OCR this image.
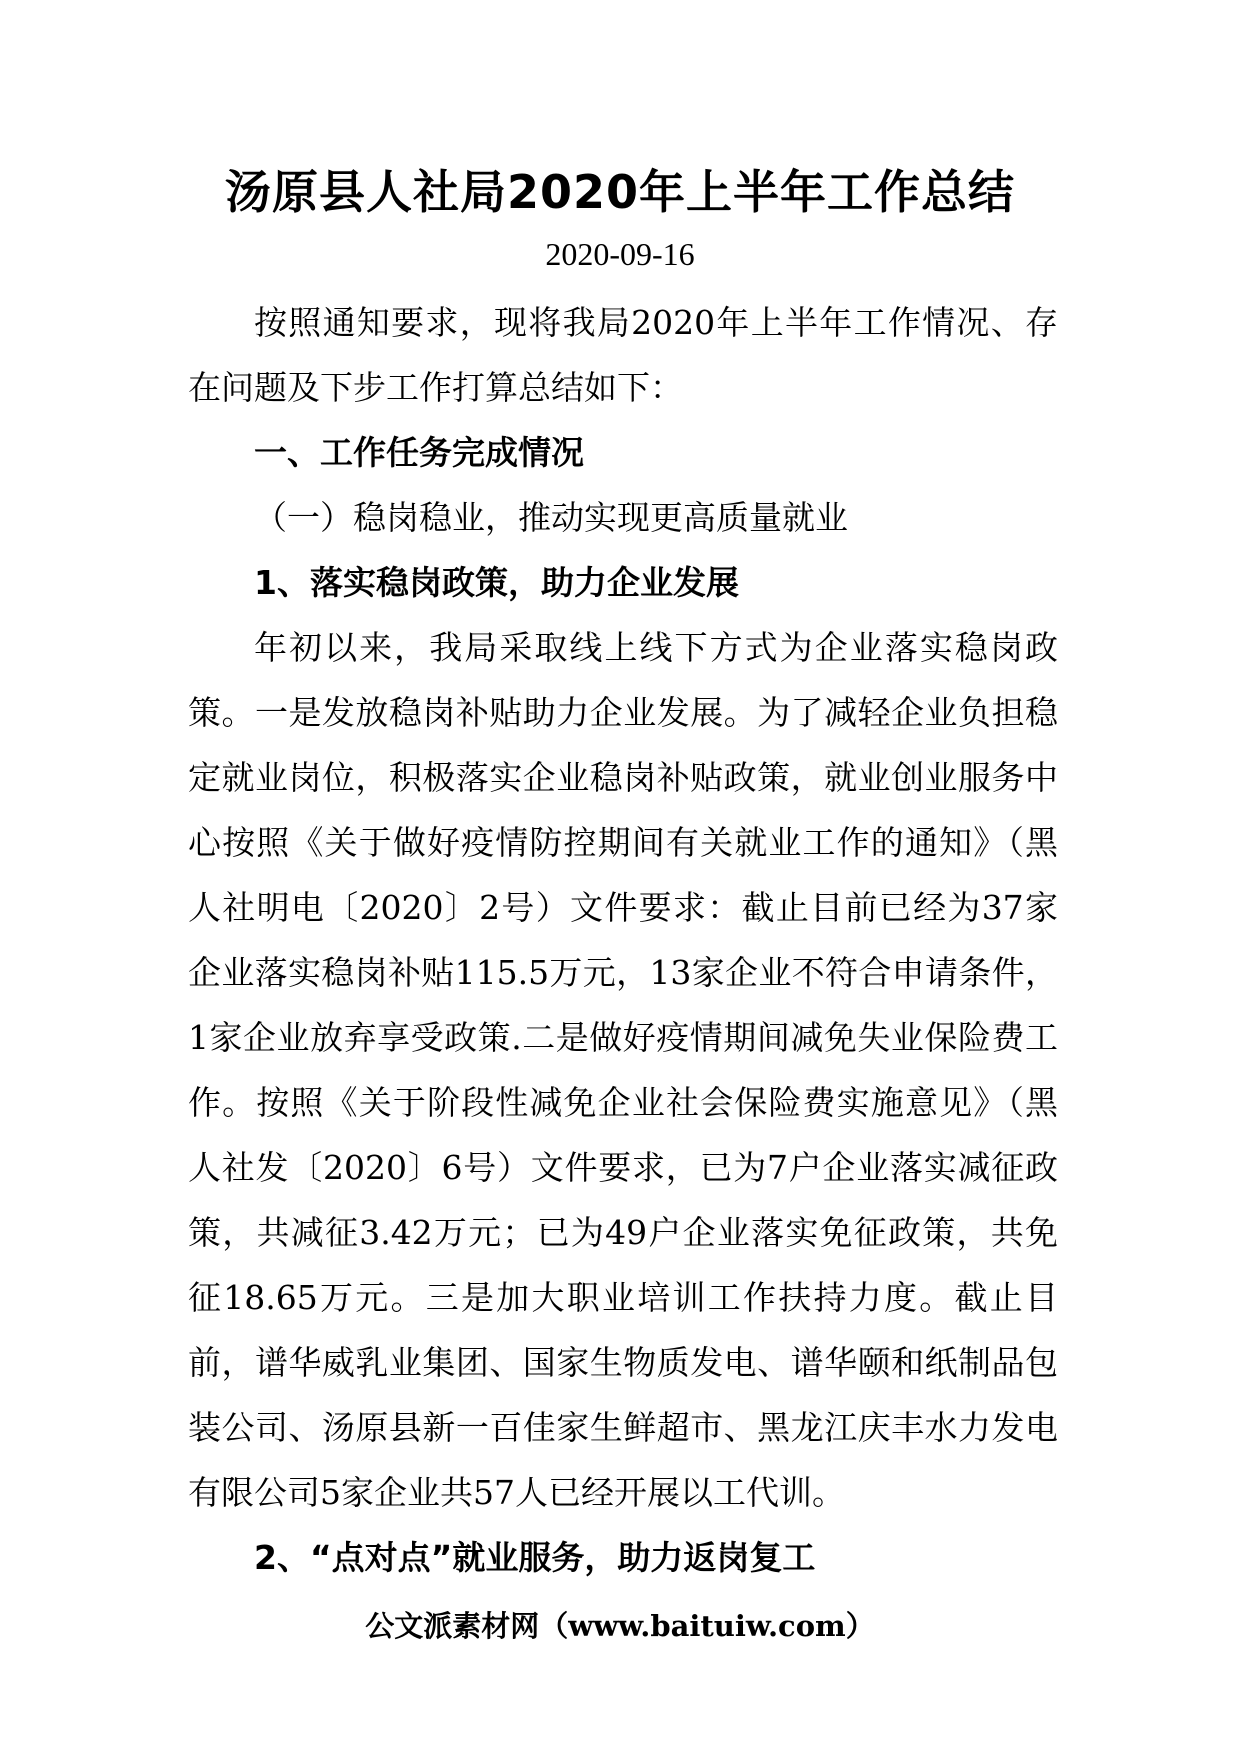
汤原县人社局2020年上半年工作总结
2020-09-16

按照通知要求，现将我局2020年上半年工作情况、存在问题及下步工作打算总结如下：

一、工作任务完成情况

（一）稳岗稳业，推动实现更高质量就业

1、落实稳岗政策，助力企业发展

年初以来，我局采取线上线下方式为企业落实稳岗政策。一是发放稳岗补贴助力企业发展。为了减轻企业负担稳定就业岗位，积极落实企业稳岗补贴政策，就业创业服务中心按照《关于做好疫情防控期间有关就业工作的通知》（黑人社明电〔2020〕2号）文件要求：截止目前已经为37家企业落实稳岗补贴115.5万元，13家企业不符合申请条件，1家企业放弃享受政策.二是做好疫情期间减免失业保险费工作。按照《关于阶段性减免企业社会保险费实施意见》（黑人社发〔2020〕6号）文件要求，已为7户企业落实减征政策，共减征3.42万元；已为49户企业落实免征政策，共免征18.65万元。三是加大职业培训工作扶持力度。截止目前，谱华威乳业集团、国家生物质发电、谱华颐和纸制品包装公司、汤原县新一百佳家生鲜超市、黑龙江庆丰水力发电有限公司5家企业共57人已经开展以工代训。

2、“点对点”就业服务，助力返岗复工

公文派素材网（www.baituiw.com）
